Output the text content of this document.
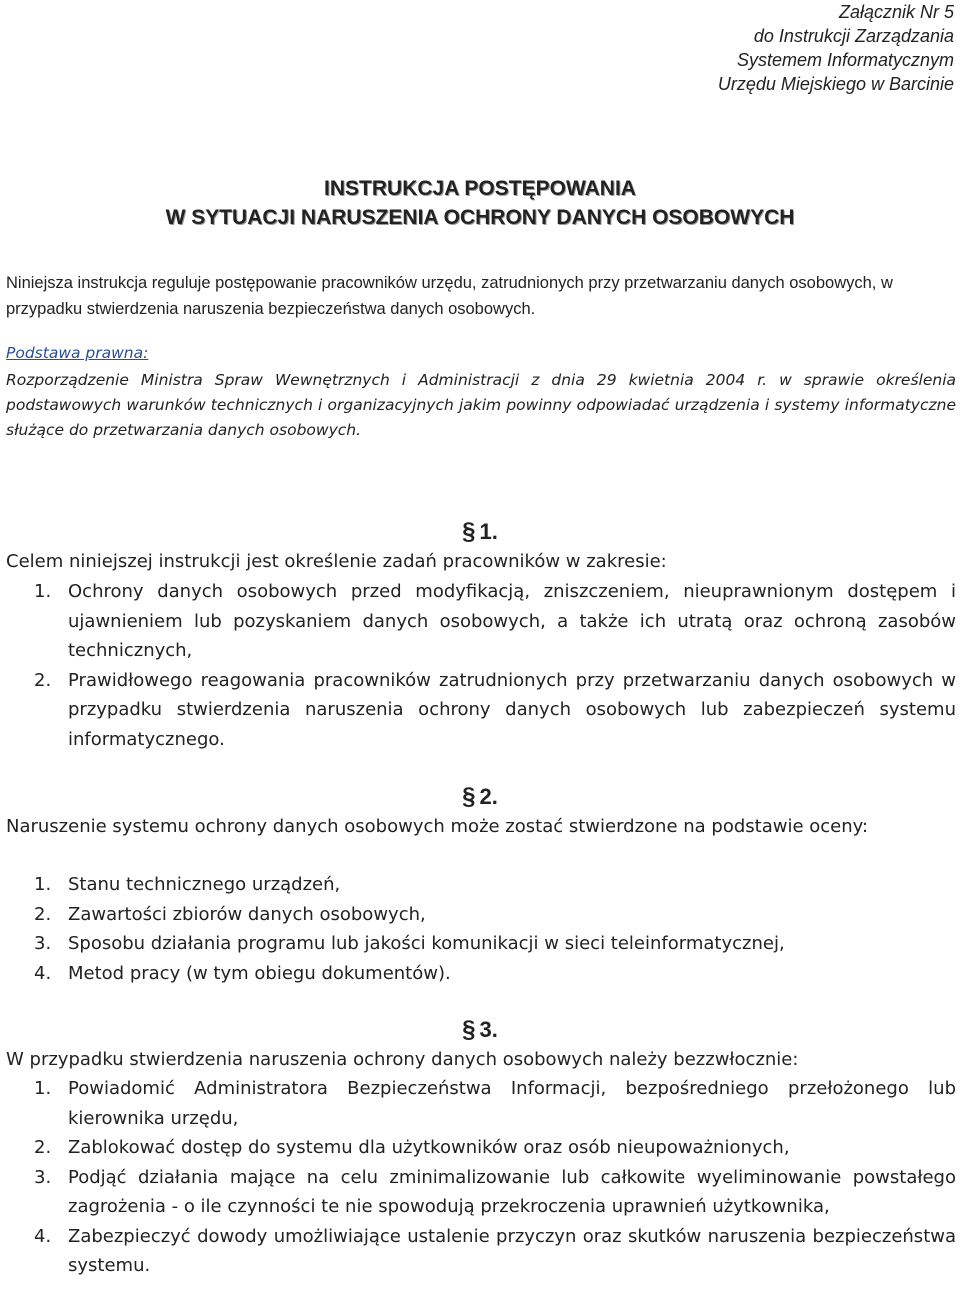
Załącznik Nr 5
do Instrukcji Zarządzania
Systemem Informatycznym
Urzędu Miejskiego w Barcinie
INSTRUKCJA POSTĘPOWANIA
W SYTUACJI NARUSZENIA OCHRONY DANYCH OSOBOWYCH
Niniejsza instrukcja reguluje postępowanie pracowników urzędu, zatrudnionych przy przetwarzaniu danych osobowych, w przypadku stwierdzenia naruszenia bezpieczeństwa danych osobowych.
Podstawa prawna:
Rozporządzenie Ministra Spraw Wewnętrznych i Administracji z dnia 29 kwietnia 2004 r. w sprawie określenia podstawowych warunków technicznych i organizacyjnych jakim powinny odpowiadać urządzenia i systemy informatyczne służące do przetwarzania danych osobowych.
§ 1.
Celem niniejszej instrukcji jest określenie zadań pracowników w zakresie:
1. Ochrony danych osobowych przed modyfikacją, zniszczeniem, nieuprawnionym dostępem i ujawnieniem lub pozyskaniem danych osobowych, a także ich utratą oraz ochroną zasobów technicznych,
2. Prawidłowego reagowania pracowników zatrudnionych przy przetwarzaniu danych osobowych w przypadku stwierdzenia naruszenia ochrony danych osobowych lub zabezpieczeń systemu informatycznego.
§ 2.
Naruszenie systemu ochrony danych osobowych może zostać stwierdzone na podstawie oceny:
1. Stanu technicznego urządzeń,
2. Zawartości zbiorów danych osobowych,
3. Sposobu działania programu lub jakości komunikacji w sieci teleinformatycznej,
4. Metod pracy (w tym obiegu dokumentów).
§ 3.
W przypadku stwierdzenia naruszenia ochrony danych osobowych należy bezzwłocznie:
1. Powiadomić Administratora Bezpieczeństwa Informacji, bezpośredniego przełożonego lub kierownika urzędu,
2. Zablokować dostęp do systemu dla użytkowników oraz osób nieupoważnionych,
3. Podjąć działania mające na celu zminimalizowanie lub całkowite wyeliminowanie powstałego zagrożenia - o ile czynności te nie spowodują przekroczenia uprawnień użytkownika,
4. Zabezpieczyć dowody umożliwiające ustalenie przyczyn oraz skutków naruszenia bezpieczeństwa systemu.
